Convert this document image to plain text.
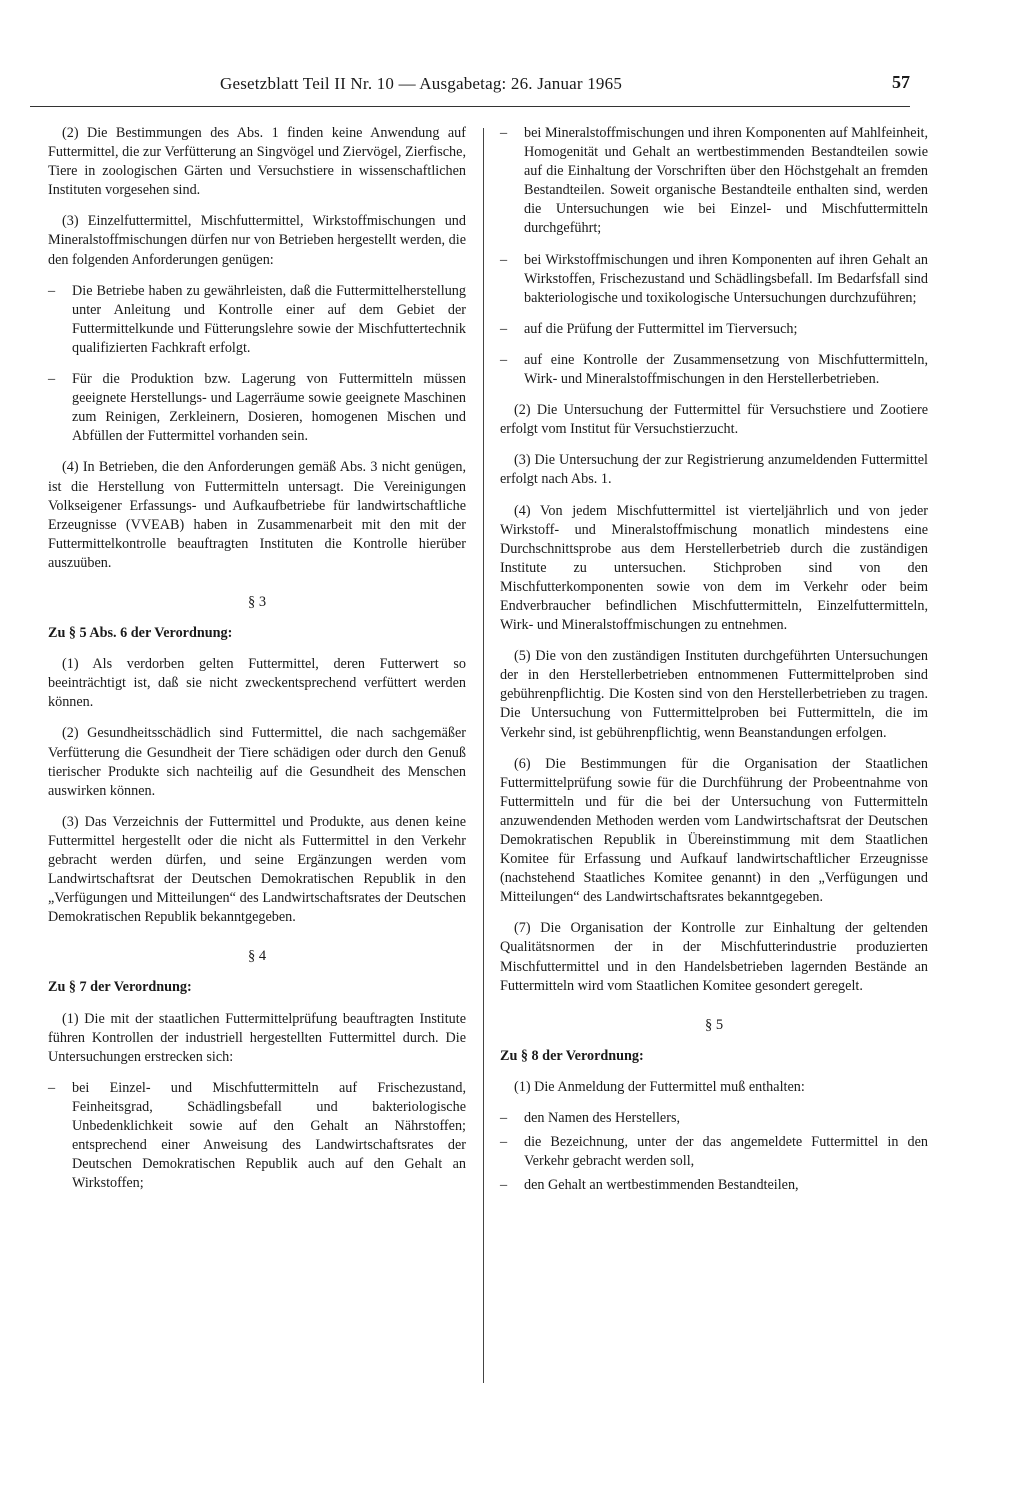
Gesetzblatt Teil II Nr. 10 — Ausgabetag: 26. Januar 1965	57

(2) Die Bestimmungen des Abs. 1 finden keine Anwendung auf Futtermittel, die zur Verfütterung an Singvögel und Ziervögel, Zierfische, Tiere in zoologischen Gärten und Versuchstiere in wissenschaftlichen Instituten vorgesehen sind.

(3) Einzelfuttermittel, Mischfuttermittel, Wirkstoffmischungen und Mineralstoffmischungen dürfen nur von Betrieben hergestellt werden, die den folgenden Anforderungen genügen:

– Die Betriebe haben zu gewährleisten, daß die Futtermittelherstellung unter Anleitung und Kontrolle einer auf dem Gebiet der Futtermittelkunde und Fütterungslehre sowie der Mischfuttertechnik qualifizierten Fachkraft erfolgt.
– Für die Produktion bzw. Lagerung von Futtermitteln müssen geeignete Herstellungs- und Lagerräume sowie geeignete Maschinen zum Reinigen, Zerkleinern, Dosieren, homogenen Mischen und Abfüllen der Futtermittel vorhanden sein.

(4) In Betrieben, die den Anforderungen gemäß Abs. 3 nicht genügen, ist die Herstellung von Futtermitteln untersagt. Die Vereinigungen Volkseigener Erfassungs- und Aufkaufbetriebe für landwirtschaftliche Erzeugnisse (VVEAB) haben in Zusammenarbeit mit den mit der Futtermittelkontrolle beauftragten Instituten die Kontrolle hierüber auszuüben.

§ 3
Zu § 5 Abs. 6 der Verordnung:

(1) Als verdorben gelten Futtermittel, deren Futterwert so beeinträchtigt ist, daß sie nicht zweckentsprechend verfüttert werden können.

(2) Gesundheitsschädlich sind Futtermittel, die nach sachgemäßer Verfütterung die Gesundheit der Tiere schädigen oder durch den Genuß tierischer Produkte sich nachteilig auf die Gesundheit des Menschen auswirken können.

(3) Das Verzeichnis der Futtermittel und Produkte, aus denen keine Futtermittel hergestellt oder die nicht als Futtermittel in den Verkehr gebracht werden dürfen, und seine Ergänzungen werden vom Landwirtschaftsrat der Deutschen Demokratischen Republik in den „Verfügungen und Mitteilungen“ des Landwirtschaftsrates der Deutschen Demokratischen Republik bekanntgegeben.

§ 4
Zu § 7 der Verordnung:

(1) Die mit der staatlichen Futtermittelprüfung beauftragten Institute führen Kontrollen der industriell hergestellten Futtermittel durch. Die Untersuchungen erstrecken sich:

– bei Einzel- und Mischfuttermitteln auf Frischezustand, Feinheitsgrad, Schädlingsbefall und bakteriologische Unbedenklichkeit sowie auf den Gehalt an Nährstoffen; entsprechend einer Anweisung des Landwirtschaftsrates der Deutschen Demokratischen Republik auch auf den Gehalt an Wirkstoffen;
– bei Mineralstoffmischungen und ihren Komponenten auf Mahlfeinheit, Homogenität und Gehalt an wertbestimmenden Bestandteilen sowie auf die Einhaltung der Vorschriften über den Höchstgehalt an fremden Bestandteilen. Soweit organische Bestandteile enthalten sind, werden die Untersuchungen wie bei Einzel- und Mischfuttermitteln durchgeführt;
– bei Wirkstoffmischungen und ihren Komponenten auf ihren Gehalt an Wirkstoffen, Frischezustand und Schädlingsbefall. Im Bedarfsfall sind bakteriologische und toxikologische Untersuchungen durchzuführen;
– auf die Prüfung der Futtermittel im Tierversuch;
– auf eine Kontrolle der Zusammensetzung von Mischfuttermitteln, Wirk- und Mineralstoffmischungen in den Herstellerbetrieben.

(2) Die Untersuchung der Futtermittel für Versuchstiere und Zootiere erfolgt vom Institut für Versuchstierzucht.

(3) Die Untersuchung der zur Registrierung anzumeldenden Futtermittel erfolgt nach Abs. 1.

(4) Von jedem Mischfuttermittel ist vierteljährlich und von jeder Wirkstoff- und Mineralstoffmischung monatlich mindestens eine Durchschnittsprobe aus dem Herstellerbetrieb durch die zuständigen Institute zu untersuchen. Stichproben sind von den Mischfutterkomponenten sowie von dem im Verkehr oder beim Endverbraucher befindlichen Mischfuttermitteln, Einzelfuttermitteln, Wirk- und Mineralstoffmischungen zu entnehmen.

(5) Die von den zuständigen Instituten durchgeführten Untersuchungen der in den Herstellerbetrieben entnommenen Futtermittelproben sind gebührenpflichtig. Die Kosten sind von den Herstellerbetrieben zu tragen. Die Untersuchung von Futtermittelproben bei Futtermitteln, die im Verkehr sind, ist gebührenpflichtig, wenn Beanstandungen erfolgen.

(6) Die Bestimmungen für die Organisation der Staatlichen Futtermittelprüfung sowie für die Durchführung der Probeentnahme von Futtermitteln und für die bei der Untersuchung von Futtermitteln anzuwendenden Methoden werden vom Landwirtschaftsrat der Deutschen Demokratischen Republik in Übereinstimmung mit dem Staatlichen Komitee für Erfassung und Aufkauf landwirtschaftlicher Erzeugnisse (nachstehend Staatliches Komitee genannt) in den „Verfügungen und Mitteilungen“ des Landwirtschaftsrates bekanntgegeben.

(7) Die Organisation der Kontrolle zur Einhaltung der geltenden Qualitätsnormen der in der Mischfutterindustrie produzierten Mischfuttermittel und in den Handelsbetrieben lagernden Bestände an Futtermitteln wird vom Staatlichen Komitee gesondert geregelt.

§ 5
Zu § 8 der Verordnung:

(1) Die Anmeldung der Futtermittel muß enthalten:

– den Namen des Herstellers,
– die Bezeichnung, unter der das angemeldete Futtermittel in den Verkehr gebracht werden soll,
– den Gehalt an wertbestimmenden Bestandteilen,
